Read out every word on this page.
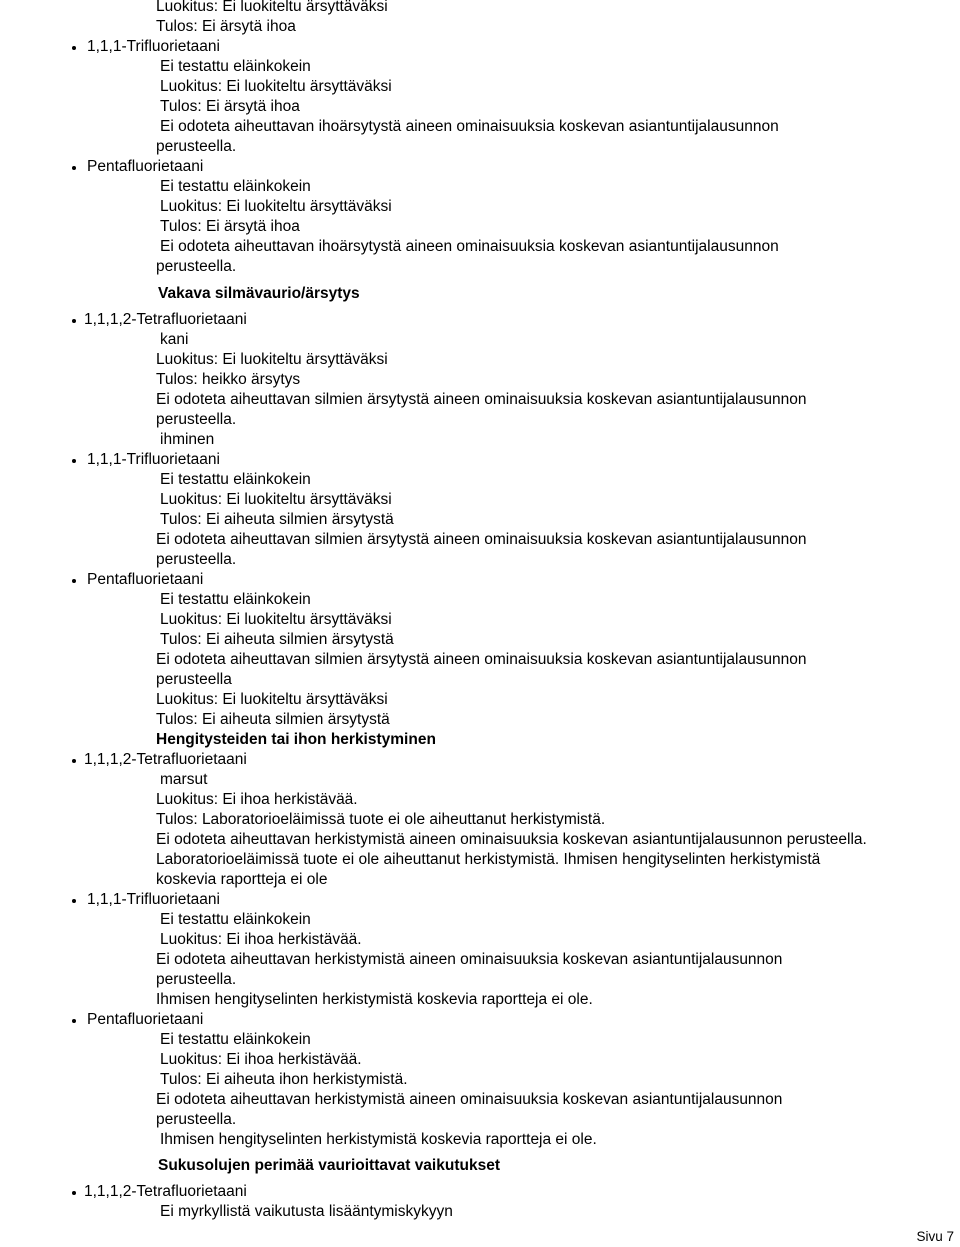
Luokitus: Ei luokiteltu ärsyttäväksi
Tulos: Ei ärsytä ihoa
1,1,1-Trifluorietaani
Ei testattu eläinkokein
Luokitus: Ei luokiteltu ärsyttäväksi
Tulos: Ei ärsytä ihoa
Ei odoteta aiheuttavan ihoärsytystä aineen ominaisuuksia koskevan asiantuntijalausunnon
perusteella.
Pentafluorietaani
Ei testattu eläinkokein
Luokitus: Ei luokiteltu ärsyttäväksi
Tulos: Ei ärsytä ihoa
Ei odoteta aiheuttavan ihoärsytystä aineen ominaisuuksia koskevan asiantuntijalausunnon
perusteella.
Vakava silmävaurio/ärsytys
1,1,1,2-Tetrafluorietaani
kani
Luokitus: Ei luokiteltu ärsyttäväksi
Tulos: heikko ärsytys
Ei odoteta aiheuttavan silmien ärsytystä aineen ominaisuuksia koskevan asiantuntijalausunnon
perusteella.
ihminen
1,1,1-Trifluorietaani
Ei testattu eläinkokein
Luokitus: Ei luokiteltu ärsyttäväksi
Tulos: Ei aiheuta silmien ärsytystä
Ei odoteta aiheuttavan silmien ärsytystä aineen ominaisuuksia koskevan asiantuntijalausunnon
perusteella.
Pentafluorietaani
Ei testattu eläinkokein
Luokitus: Ei luokiteltu ärsyttäväksi
Tulos: Ei aiheuta silmien ärsytystä
Ei odoteta aiheuttavan silmien ärsytystä aineen ominaisuuksia koskevan asiantuntijalausunnon
perusteella
Luokitus: Ei luokiteltu ärsyttäväksi
Tulos: Ei aiheuta silmien ärsytystä
Hengitysteiden tai ihon herkistyminen
1,1,1,2-Tetrafluorietaani
marsut
Luokitus: Ei ihoa herkistävää.
Tulos: Laboratorioeläimissä tuote ei ole aiheuttanut herkistymistä.
Ei odoteta aiheuttavan herkistymistä aineen ominaisuuksia koskevan asiantuntijalausunnon perusteella.
Laboratorioeläimissä tuote ei ole aiheuttanut herkistymistä. Ihmisen hengityselinten herkistymistä
koskevia raportteja ei ole
1,1,1-Trifluorietaani
Ei testattu eläinkokein
Luokitus: Ei ihoa herkistävää.
Ei odoteta aiheuttavan herkistymistä aineen ominaisuuksia koskevan asiantuntijalausunnon
perusteella.
Ihmisen hengityselinten herkistymistä koskevia raportteja ei ole.
Pentafluorietaani
Ei testattu eläinkokein
Luokitus: Ei ihoa herkistävää.
Tulos: Ei aiheuta ihon herkistymistä.
Ei odoteta aiheuttavan herkistymistä aineen ominaisuuksia koskevan asiantuntijalausunnon
perusteella.
Ihmisen hengityselinten herkistymistä koskevia raportteja ei ole.
Sukusolujen perimää vaurioittavat vaikutukset
1,1,1,2-Tetrafluorietaani
Ei myrkyllistä vaikutusta lisääntymiskykyyn
Sivu 7
